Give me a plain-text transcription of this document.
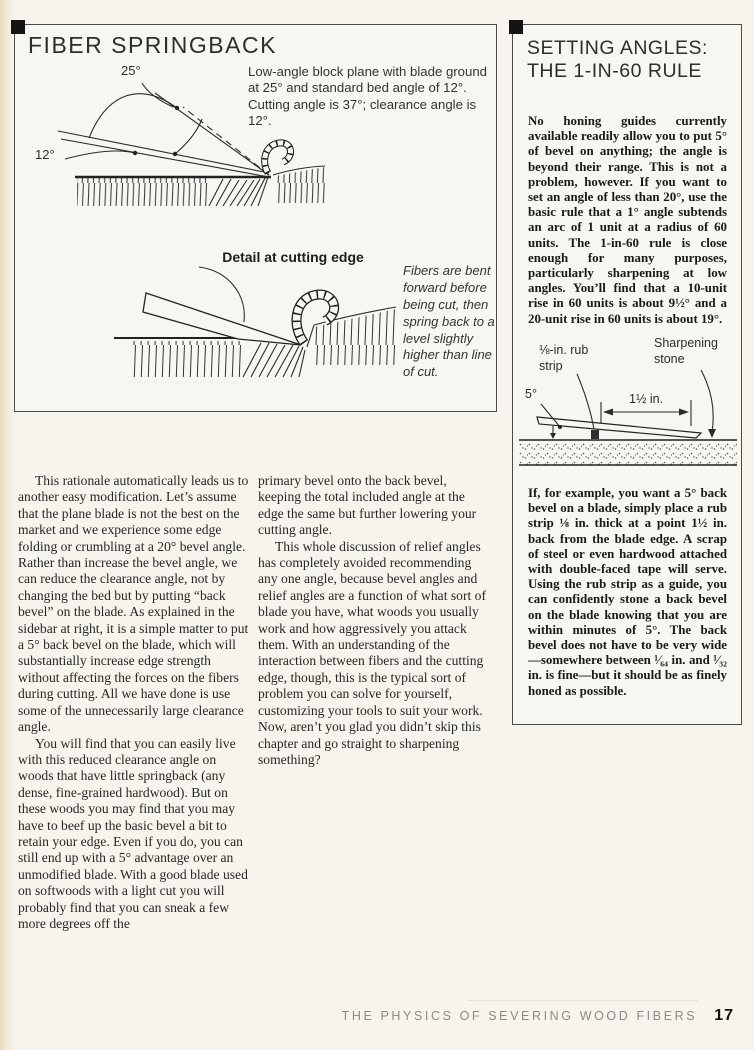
FIBER SPRINGBACK
25°
12°
Low-angle block plane with blade ground at 25° and standard bed angle of 12°. Cutting angle is 37°; clearance angle is 12°.
Detail at cutting edge
Fibers are bent forward before being cut, then spring back to a level slightly higher than line of cut.
SETTING ANGLES:
THE 1-IN-60 RULE
No honing guides currently available readily allow you to put 5° of bevel on anything; the angle is beyond their range. This is not a problem, however. If you want to set an angle of less than 20°, use the basic rule that a 1° angle subtends an arc of 1 unit at a radius of 60 units. The 1-in-60 rule is close enough for many purposes, particularly sharpening at low angles. You’ll find that a 10-unit rise in 60 units is about 9½° and a 20-unit rise in 60 units is about 19°.
⅛-in. rub strip
Sharpening stone
5°	1½ in.
If, for example, you want a 5° back bevel on a blade, simply place a rub strip ⅛ in. thick at a point 1½ in. back from the blade edge. A scrap of steel or even hardwood attached with double-faced tape will serve. Using the rub strip as a guide, you can confidently stone a back bevel on the blade knowing that you are within minutes of 5°. The back bevel does not have to be very wide—somewhere between ¹⁄₆₄ in. and ¹⁄₃₂ in. is fine—but it should be as finely honed as possible.

This rationale automatically leads us to another easy modification. Let’s assume that the plane blade is not the best on the market and we experience some edge folding or crumbling at a 20° bevel angle. Rather than increase the bevel angle, we can reduce the clearance angle, not by changing the bed but by putting “back bevel” on the blade. As explained in the sidebar at right, it is a simple matter to put a 5° back bevel on the blade, which will substantially increase edge strength without affecting the forces on the fibers during cutting. All we have done is use some of the unnecessarily large clearance angle.

You will find that you can easily live with this reduced clearance angle on woods that have little springback (any dense, fine-grained hardwood). But on these woods you may find that you may have to beef up the basic bevel a bit to retain your edge. Even if you do, you can still end up with a 5° advantage over an unmodified blade. With a good blade used on softwoods with a light cut you will probably find that you can sneak a few more degrees off the

primary bevel onto the back bevel, keeping the total included angle at the edge the same but further lowering your cutting angle.

This whole discussion of relief angles has completely avoided recommending any one angle, because bevel angles and relief angles are a function of what sort of blade you have, what woods you usually work and how aggressively you attack them. With an understanding of the interaction between fibers and the cutting edge, though, this is the typical sort of problem you can solve for yourself, customizing your tools to suit your work. Now, aren’t you glad you didn’t skip this chapter and go straight to sharpening something?

THE PHYSICS OF SEVERING WOOD FIBERS 17
